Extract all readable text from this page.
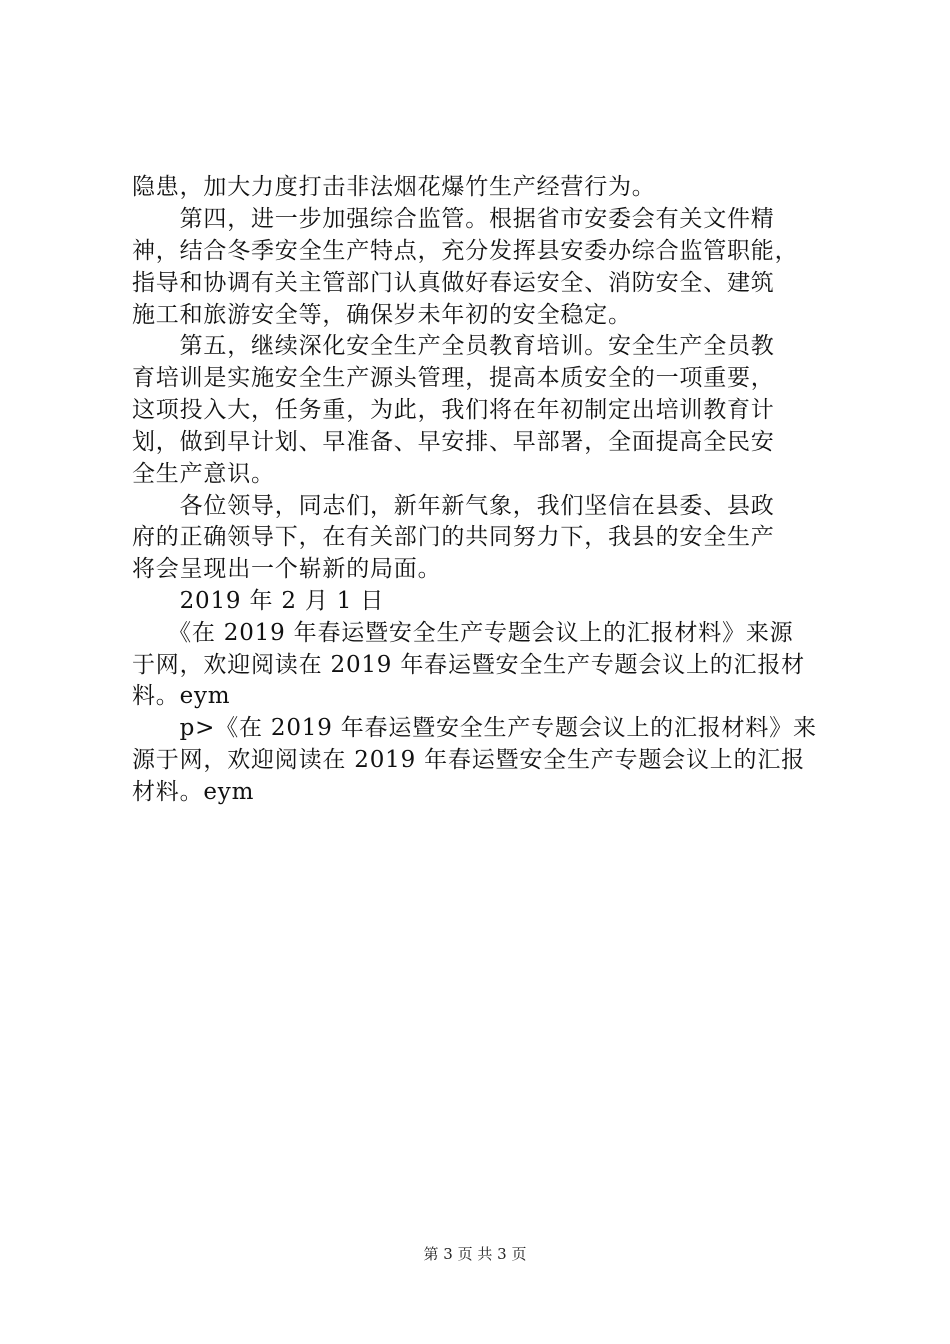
隐患，加大力度打击非法烟花爆竹生产经营行为。
　　第四，进一步加强综合监管。根据省市安委会有关文件精
神，结合冬季安全生产特点，充分发挥县安委办综合监管职能，
指导和协调有关主管部门认真做好春运安全、消防安全、建筑
施工和旅游安全等，确保岁未年初的安全稳定。
　　第五，继续深化安全生产全员教育培训。安全生产全员教
育培训是实施安全生产源头管理，提高本质安全的一项重要，
这项投入大，任务重，为此，我们将在年初制定出培训教育计
划，做到早计划、早准备、早安排、早部署，全面提高全民安
全生产意识。
　　各位领导，同志们，新年新气象，我们坚信在县委、县政
府的正确领导下，在有关部门的共同努力下，我县的安全生产
将会呈现出一个崭新的局面。
　　2019 年 2 月 1 日
　　《在 2019 年春运暨安全生产专题会议上的汇报材料》来源
于网，欢迎阅读在 2019 年春运暨安全生产专题会议上的汇报材
料。eym
　　p>《在 2019 年春运暨安全生产专题会议上的汇报材料》来
源于网，欢迎阅读在 2019 年春运暨安全生产专题会议上的汇报
材料。eym
第 3 页 共 3 页
